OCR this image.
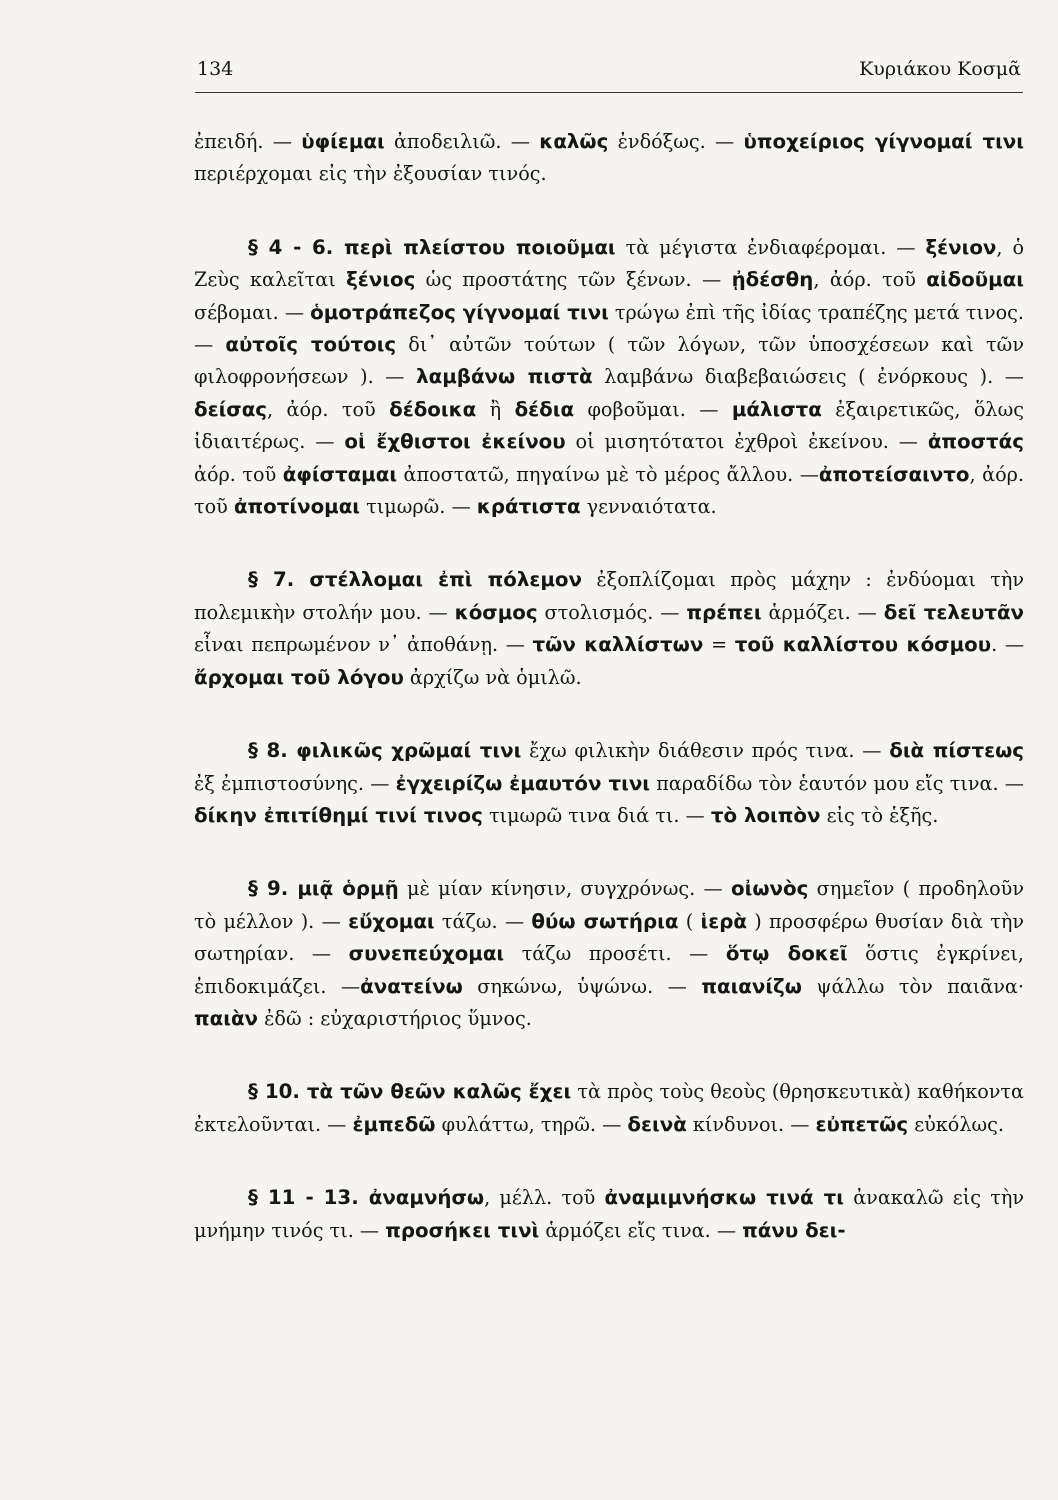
134	Κυριάκου Κοσμᾶ

ἐπειδή. — ὑφίεμαι ἀποδειλιῶ. — καλῶς ἐνδόξως. — ὑποχείριος γίγνομαί τινι περιέρχομαι εἰς τὴν ἐξουσίαν τινός.

§ 4 - 6. περὶ πλείστου ποιοῦμαι τὰ μέγιστα ἐνδιαφέρομαι. — ξένιον, ὁ Ζεὺς καλεῖται ξένιος ὡς προστάτης τῶν ξένων. — ᾐδέσθη, ἀόρ. τοῦ αἰδοῦμαι σέβομαι. — ὁμοτράπεζος γίγνομαί τινι τρώγω ἐπὶ τῆς ἰδίας τραπέζης μετά τινος. — αὐτοῖς τούτοις δι᾽ αὐτῶν τούτων ( τῶν λόγων, τῶν ὑποσχέσεων καὶ τῶν φιλοφρονήσεων ). — λαμβάνω πιστὰ λαμβάνω διαβεβαιώσεις ( ἐνόρκους ). — δείσας, ἀόρ. τοῦ δέδοικα ἢ δέδια φοβοῦμαι. — μάλιστα ἐξαιρετικῶς, ὅλως ἰδιαιτέρως. — οἱ ἔχθιστοι ἐκείνου οἱ μισητότατοι ἐχθροὶ ἐκείνου. — ἀποστάς ἀόρ. τοῦ ἀφίσταμαι ἀποστατῶ, πηγαίνω μὲ τὸ μέρος ἄλλου. —ἀποτείσαιντο, ἀόρ. τοῦ ἀποτίνομαι τιμωρῶ. — κράτιστα γενναιότατα.

§ 7. στέλλομαι ἐπὶ πόλεμον ἐξοπλίζομαι πρὸς μάχην : ἐνδύομαι τὴν πολεμικὴν στολήν μου. — κόσμος στολισμός. — πρέπει ἁρμόζει. — δεῖ τελευτᾶν εἶναι πεπρωμένον ν᾽ ἀποθάνῃ. — τῶν καλλίστων = τοῦ καλλίστου κόσμου. — ἄρχομαι τοῦ λόγου ἀρχίζω νὰ ὁμιλῶ.

§ 8. φιλικῶς χρῶμαί τινι ἔχω φιλικὴν διάθεσιν πρός τινα. — διὰ πίστεως ἐξ ἐμπιστοσύνης. — ἐγχειρίζω ἐμαυτόν τινι παραδίδω τὸν ἑαυτόν μου εἴς τινα. —δίκην ἐπιτίθημί τινί τινος τιμωρῶ τινα διά τι. — τὸ λοιπὸν εἰς τὸ ἑξῆς.

§ 9. μιᾷ ὁρμῇ μὲ μίαν κίνησιν, συγχρόνως. — οἰωνὸς σημεῖον ( προδηλοῦν τὸ μέλλον ). — εὔχομαι τάζω. — θύω σωτήρια ( ἱερὰ ) προσφέρω θυσίαν διὰ τὴν σωτηρίαν. — συνεπεύχομαι τάζω προσέτι. — ὅτῳ δοκεῖ ὅστις ἐγκρίνει, ἐπιδοκιμάζει. —ἀνατείνω σηκώνω, ὑψώνω. — παιανίζω ψάλλω τὸν παιᾶνα· παιὰν ἐδῶ : εὐχαριστήριος ὕμνος.

§ 10. τὰ τῶν θεῶν καλῶς ἔχει τὰ πρὸς τοὺς θεοὺς (θρησκευτικὰ) καθήκοντα ἐκτελοῦνται. — ἐμπεδῶ φυλάττω, τηρῶ. — δεινὰ κίνδυνοι. — εὐπετῶς εὐκόλως.

§ 11 - 13. ἀναμνήσω, μέλλ. τοῦ ἀναμιμνήσκω τινά τι ἀνακαλῶ εἰς τὴν μνήμην τινός τι. — προσήκει τινὶ ἁρμόζει εἴς τινα. — πάνυ δει-
